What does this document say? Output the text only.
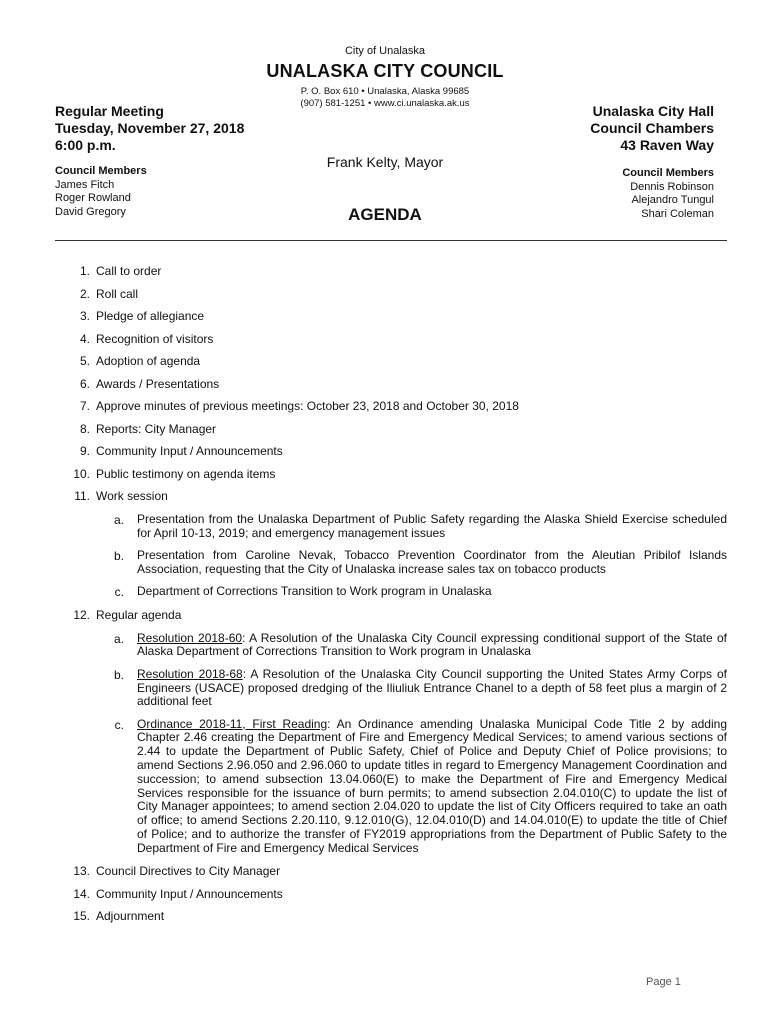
City of Unalaska
UNALASKA CITY COUNCIL
P. O. Box 610 • Unalaska, Alaska 99685
(907) 581-1251 • www.ci.unalaska.ak.us
Regular Meeting
Tuesday, November 27, 2018
6:00 p.m.
Unalaska City Hall
Council Chambers
43 Raven Way
Frank Kelty, Mayor
Council Members
James Fitch
Roger Rowland
David Gregory
Council Members
Dennis Robinson
Alejandro Tungul
Shari Coleman
AGENDA
1. Call to order
2. Roll call
3. Pledge of allegiance
4. Recognition of visitors
5. Adoption of agenda
6. Awards / Presentations
7. Approve minutes of previous meetings: October 23, 2018 and October 30, 2018
8. Reports: City Manager
9. Community Input / Announcements
10. Public testimony on agenda items
11. Work session
a.	Presentation from the Unalaska Department of Public Safety regarding the Alaska Shield Exercise scheduled for April 10-13, 2019; and emergency management issues
b.	Presentation from Caroline Nevak, Tobacco Prevention Coordinator from the Aleutian Pribilof Islands Association, requesting that the City of Unalaska increase sales tax on tobacco products
c.	Department of Corrections Transition to Work program in Unalaska
12. Regular agenda
a.	Resolution 2018-60: A Resolution of the Unalaska City Council expressing conditional support of the State of Alaska Department of Corrections Transition to Work program in Unalaska
b.	Resolution 2018-68: A Resolution of the Unalaska City Council supporting the United States Army Corps of Engineers (USACE) proposed dredging of the Iliuliuk Entrance Chanel to a depth of 58 feet plus a margin of 2 additional feet
c.	Ordinance 2018-11, First Reading: An Ordinance amending Unalaska Municipal Code Title 2 by adding Chapter 2.46 creating the Department of Fire and Emergency Medical Services; to amend various sections of 2.44 to update the Department of Public Safety, Chief of Police and Deputy Chief of Police provisions; to amend Sections 2.96.050 and 2.96.060 to update titles in regard to Emergency Management Coordination and succession; to amend subsection 13.04.060(E) to make the Department of Fire and Emergency Medical Services responsible for the issuance of burn permits; to amend subsection 2.04.010(C) to update the list of City Manager appointees; to amend section 2.04.020 to update the list of City Officers required to take an oath of office; to amend Sections 2.20.110, 9.12.010(G), 12.04.010(D) and 14.04.010(E) to update the title of Chief of Police; and to authorize the transfer of FY2019 appropriations from the Department of Public Safety to the Department of Fire and Emergency Medical Services
13. Council Directives to City Manager
14. Community Input / Announcements
15. Adjournment
Page 1
